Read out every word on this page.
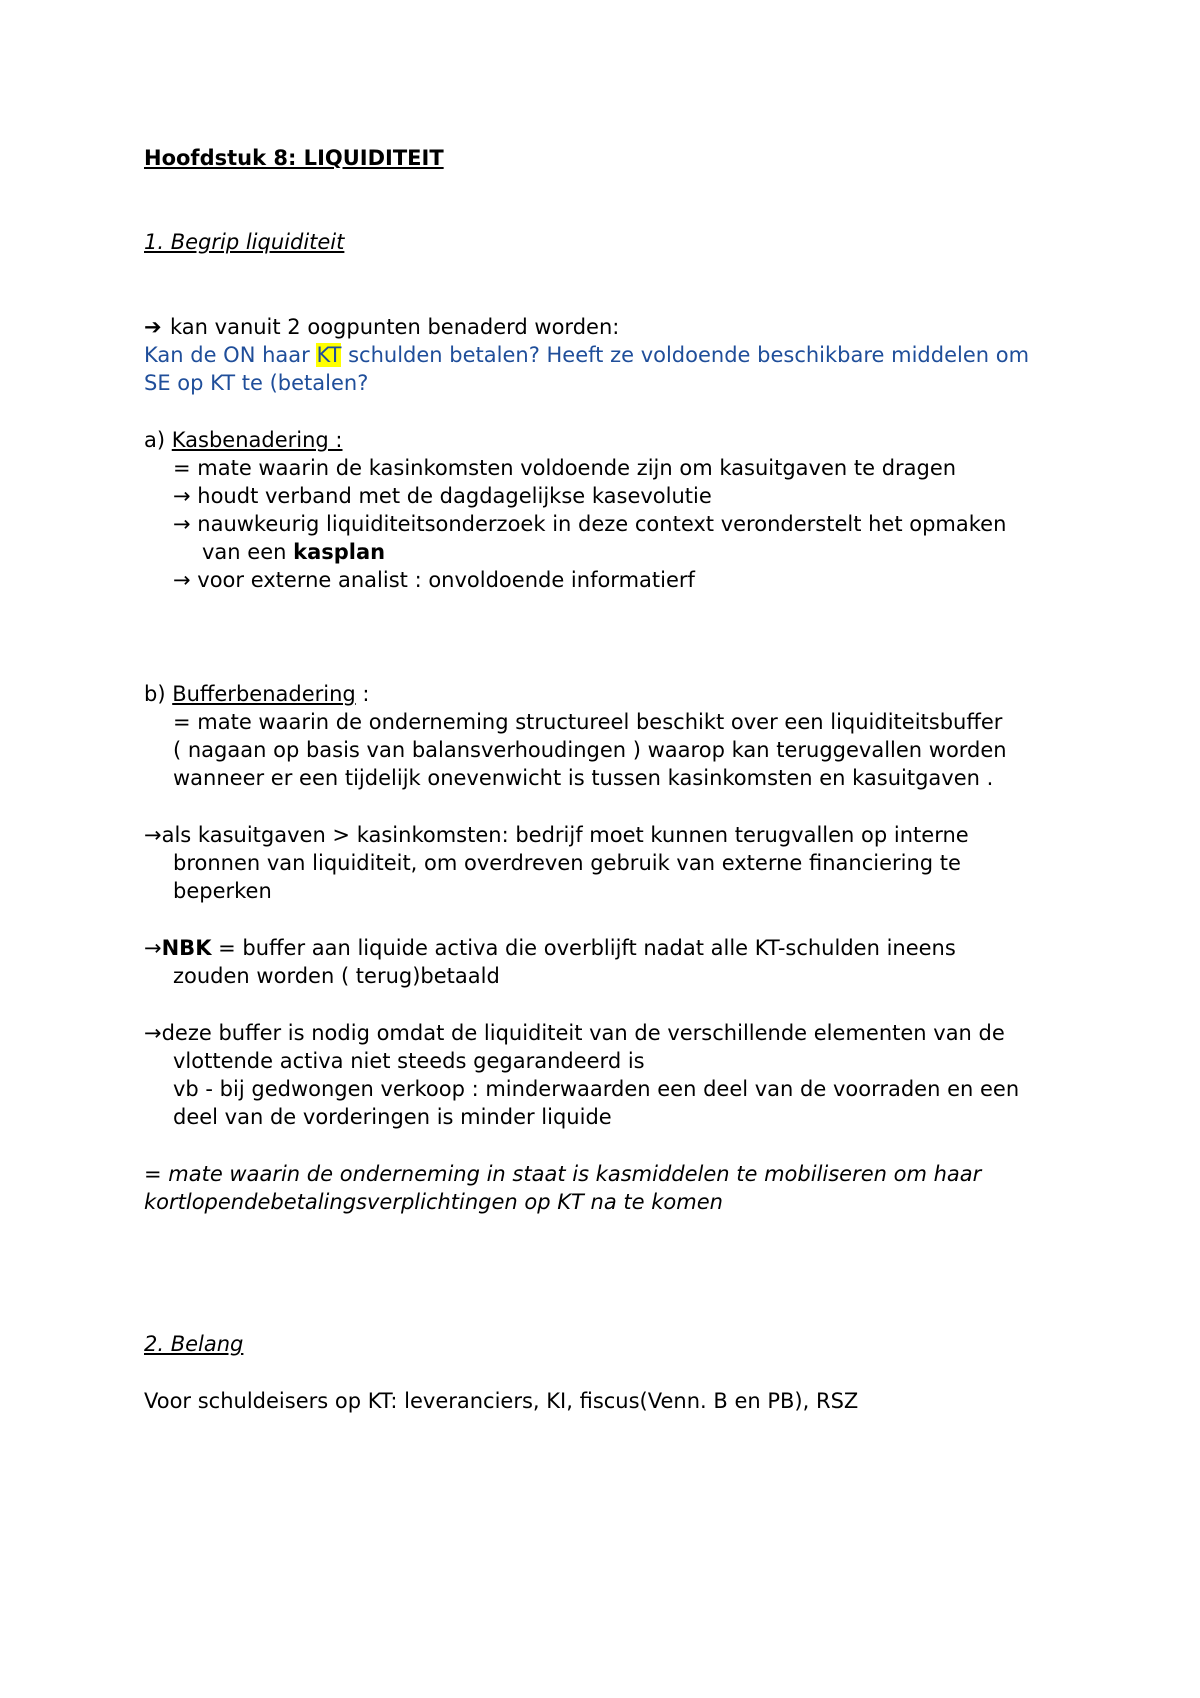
Hoofdstuk 8: LIQUIDITEIT
1. Begrip liquiditeit
➔ kan vanuit 2 oogpunten benaderd worden:
Kan de ON haar KT schulden betalen? Heeft ze voldoende beschikbare middelen om
SE op KT te (betalen?
a) Kasbenadering :
= mate waarin de kasinkomsten voldoende zijn om kasuitgaven te dragen
→ houdt verband met de dagdagelijkse kasevolutie
→ nauwkeurig liquiditeitsonderzoek in deze context veronderstelt het opmaken
van een kasplan
→ voor externe analist : onvoldoende informatierf
b) Bufferbenadering :
= mate waarin de onderneming structureel beschikt over een liquiditeitsbuffer
( nagaan op basis van balansverhoudingen ) waarop kan teruggevallen worden
wanneer er een tijdelijk onevenwicht is tussen kasinkomsten en kasuitgaven .
→als kasuitgaven > kasinkomsten: bedrijf moet kunnen terugvallen op interne
bronnen van liquiditeit, om overdreven gebruik van externe financiering te
beperken
→NBK = buffer aan liquide activa die overblijft nadat alle KT-schulden ineens
zouden worden ( terug)betaald
→deze buffer is nodig omdat de liquiditeit van de verschillende elementen van de
vlottende activa niet steeds gegarandeerd is
vb - bij gedwongen verkoop : minderwaarden een deel van de voorraden en een
deel van de vorderingen is minder liquide
= mate waarin de onderneming in staat is kasmiddelen te mobiliseren om haar
kortlopendebetalingsverplichtingen op KT na te komen
2. Belang
Voor schuldeisers op KT: leveranciers, KI, fiscus(Venn. B en PB), RSZ
